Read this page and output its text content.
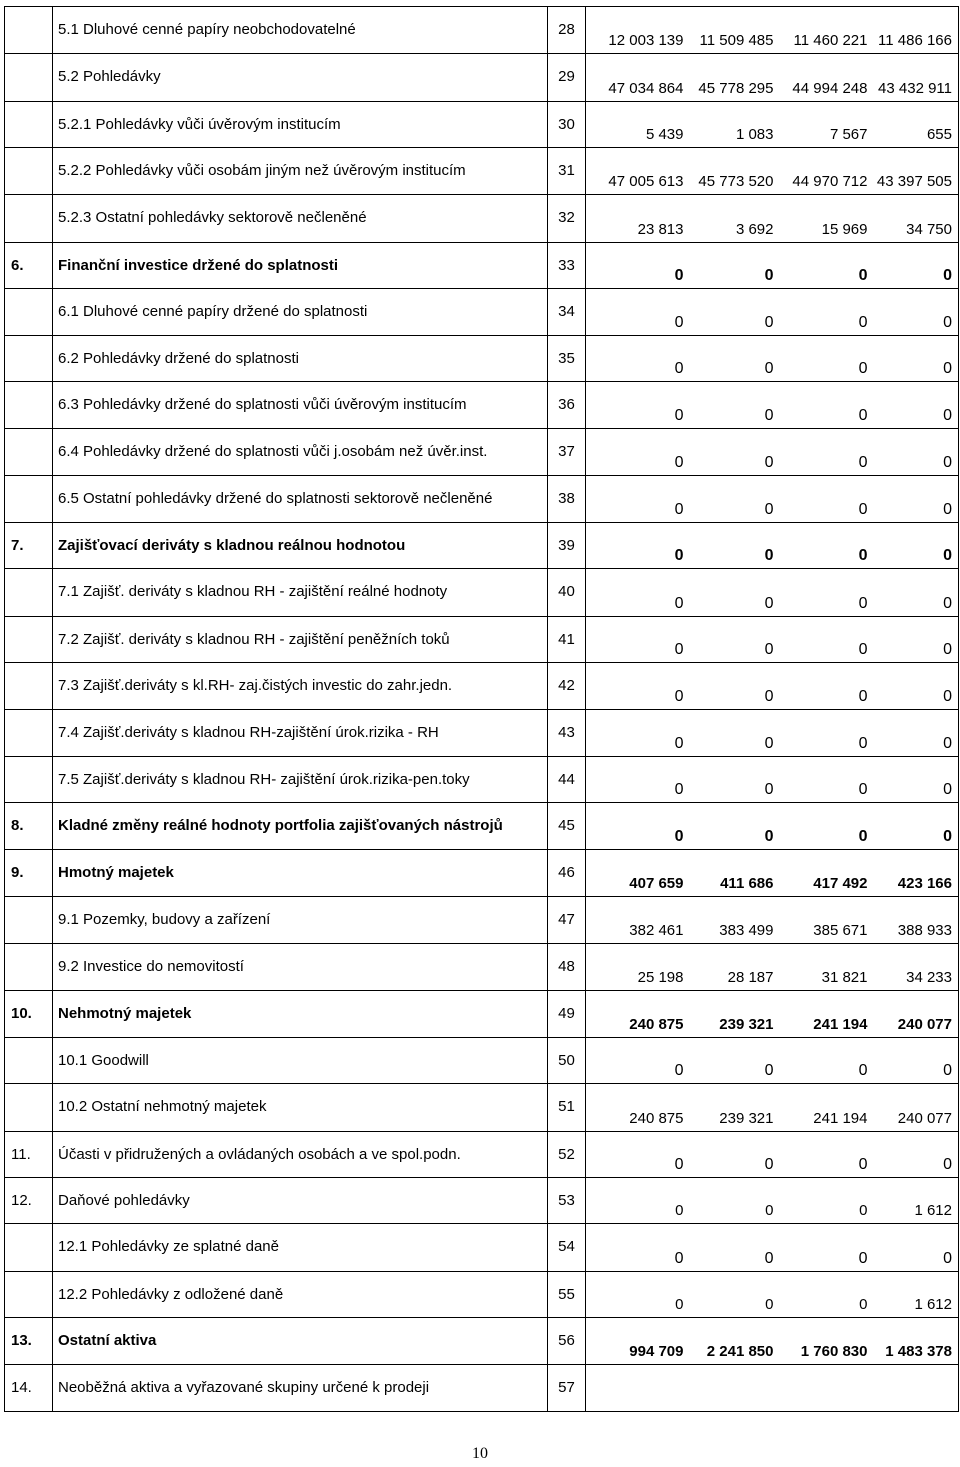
	5.1 Dluhové cenné papíry neobchodovatelné	28	12 003 139	11 509 485	11 460 221	11 486 166
	5.2 Pohledávky	29	47 034 864	45 778 295	44 994 248	43 432 911
	5.2.1 Pohledávky vůči úvěrovým institucím	30	5 439	1 083	7 567	655
	5.2.2 Pohledávky vůči osobám jiným než úvěrovým institucím	31	47 005 613	45 773 520	44 970 712	43 397 505
	5.2.3 Ostatní pohledávky sektorově nečleněné	32	23 813	3 692	15 969	34 750
6.	Finanční investice držené do splatnosti	33	0	0	0	0
	6.1 Dluhové cenné papíry držené do splatnosti	34	0	0	0	0
	6.2 Pohledávky držené do splatnosti	35	0	0	0	0
	6.3 Pohledávky držené do splatnosti vůči úvěrovým institucím	36	0	0	0	0
	6.4 Pohledávky držené do splatnosti vůči j.osobám než úvěr.inst.	37	0	0	0	0
	6.5 Ostatní pohledávky držené do splatnosti sektorově nečleněné	38	0	0	0	0
7.	Zajišťovací deriváty s kladnou reálnou hodnotou	39	0	0	0	0
	7.1 Zajišť. deriváty s kladnou RH - zajištění reálné hodnoty	40	0	0	0	0
	7.2 Zajišť. deriváty s kladnou RH - zajištění peněžních toků	41	0	0	0	0
	7.3 Zajišť.deriváty s kl.RH- zaj.čistých investic do zahr.jedn.	42	0	0	0	0
	7.4 Zajišť.deriváty s kladnou RH-zajištění úrok.rizika - RH	43	0	0	0	0
	7.5 Zajišť.deriváty s kladnou RH- zajištění úrok.rizika-pen.toky	44	0	0	0	0
8.	Kladné změny reálné hodnoty portfolia zajišťovaných nástrojů	45	0	0	0	0
9.	Hmotný majetek	46	407 659	411 686	417 492	423 166
	9.1 Pozemky, budovy a zařízení	47	382 461	383 499	385 671	388 933
	9.2 Investice do nemovitostí	48	25 198	28 187	31 821	34 233
10.	Nehmotný majetek	49	240 875	239 321	241 194	240 077
	10.1 Goodwill	50	0	0	0	0
	10.2 Ostatní nehmotný majetek	51	240 875	239 321	241 194	240 077
11.	Účasti v přidružených a ovládaných osobách a ve spol.podn.	52	0	0	0	0
12.	Daňové pohledávky	53	0	0	0	1 612
	12.1 Pohledávky ze splatné daně	54	0	0	0	0
	12.2 Pohledávky z odložené daně	55	0	0	0	1 612
13.	Ostatní aktiva	56	994 709	2 241 850	1 760 830	1 483 378
14.	Neoběžná aktiva a vyřazované skupiny určené k prodeji	57				
10
